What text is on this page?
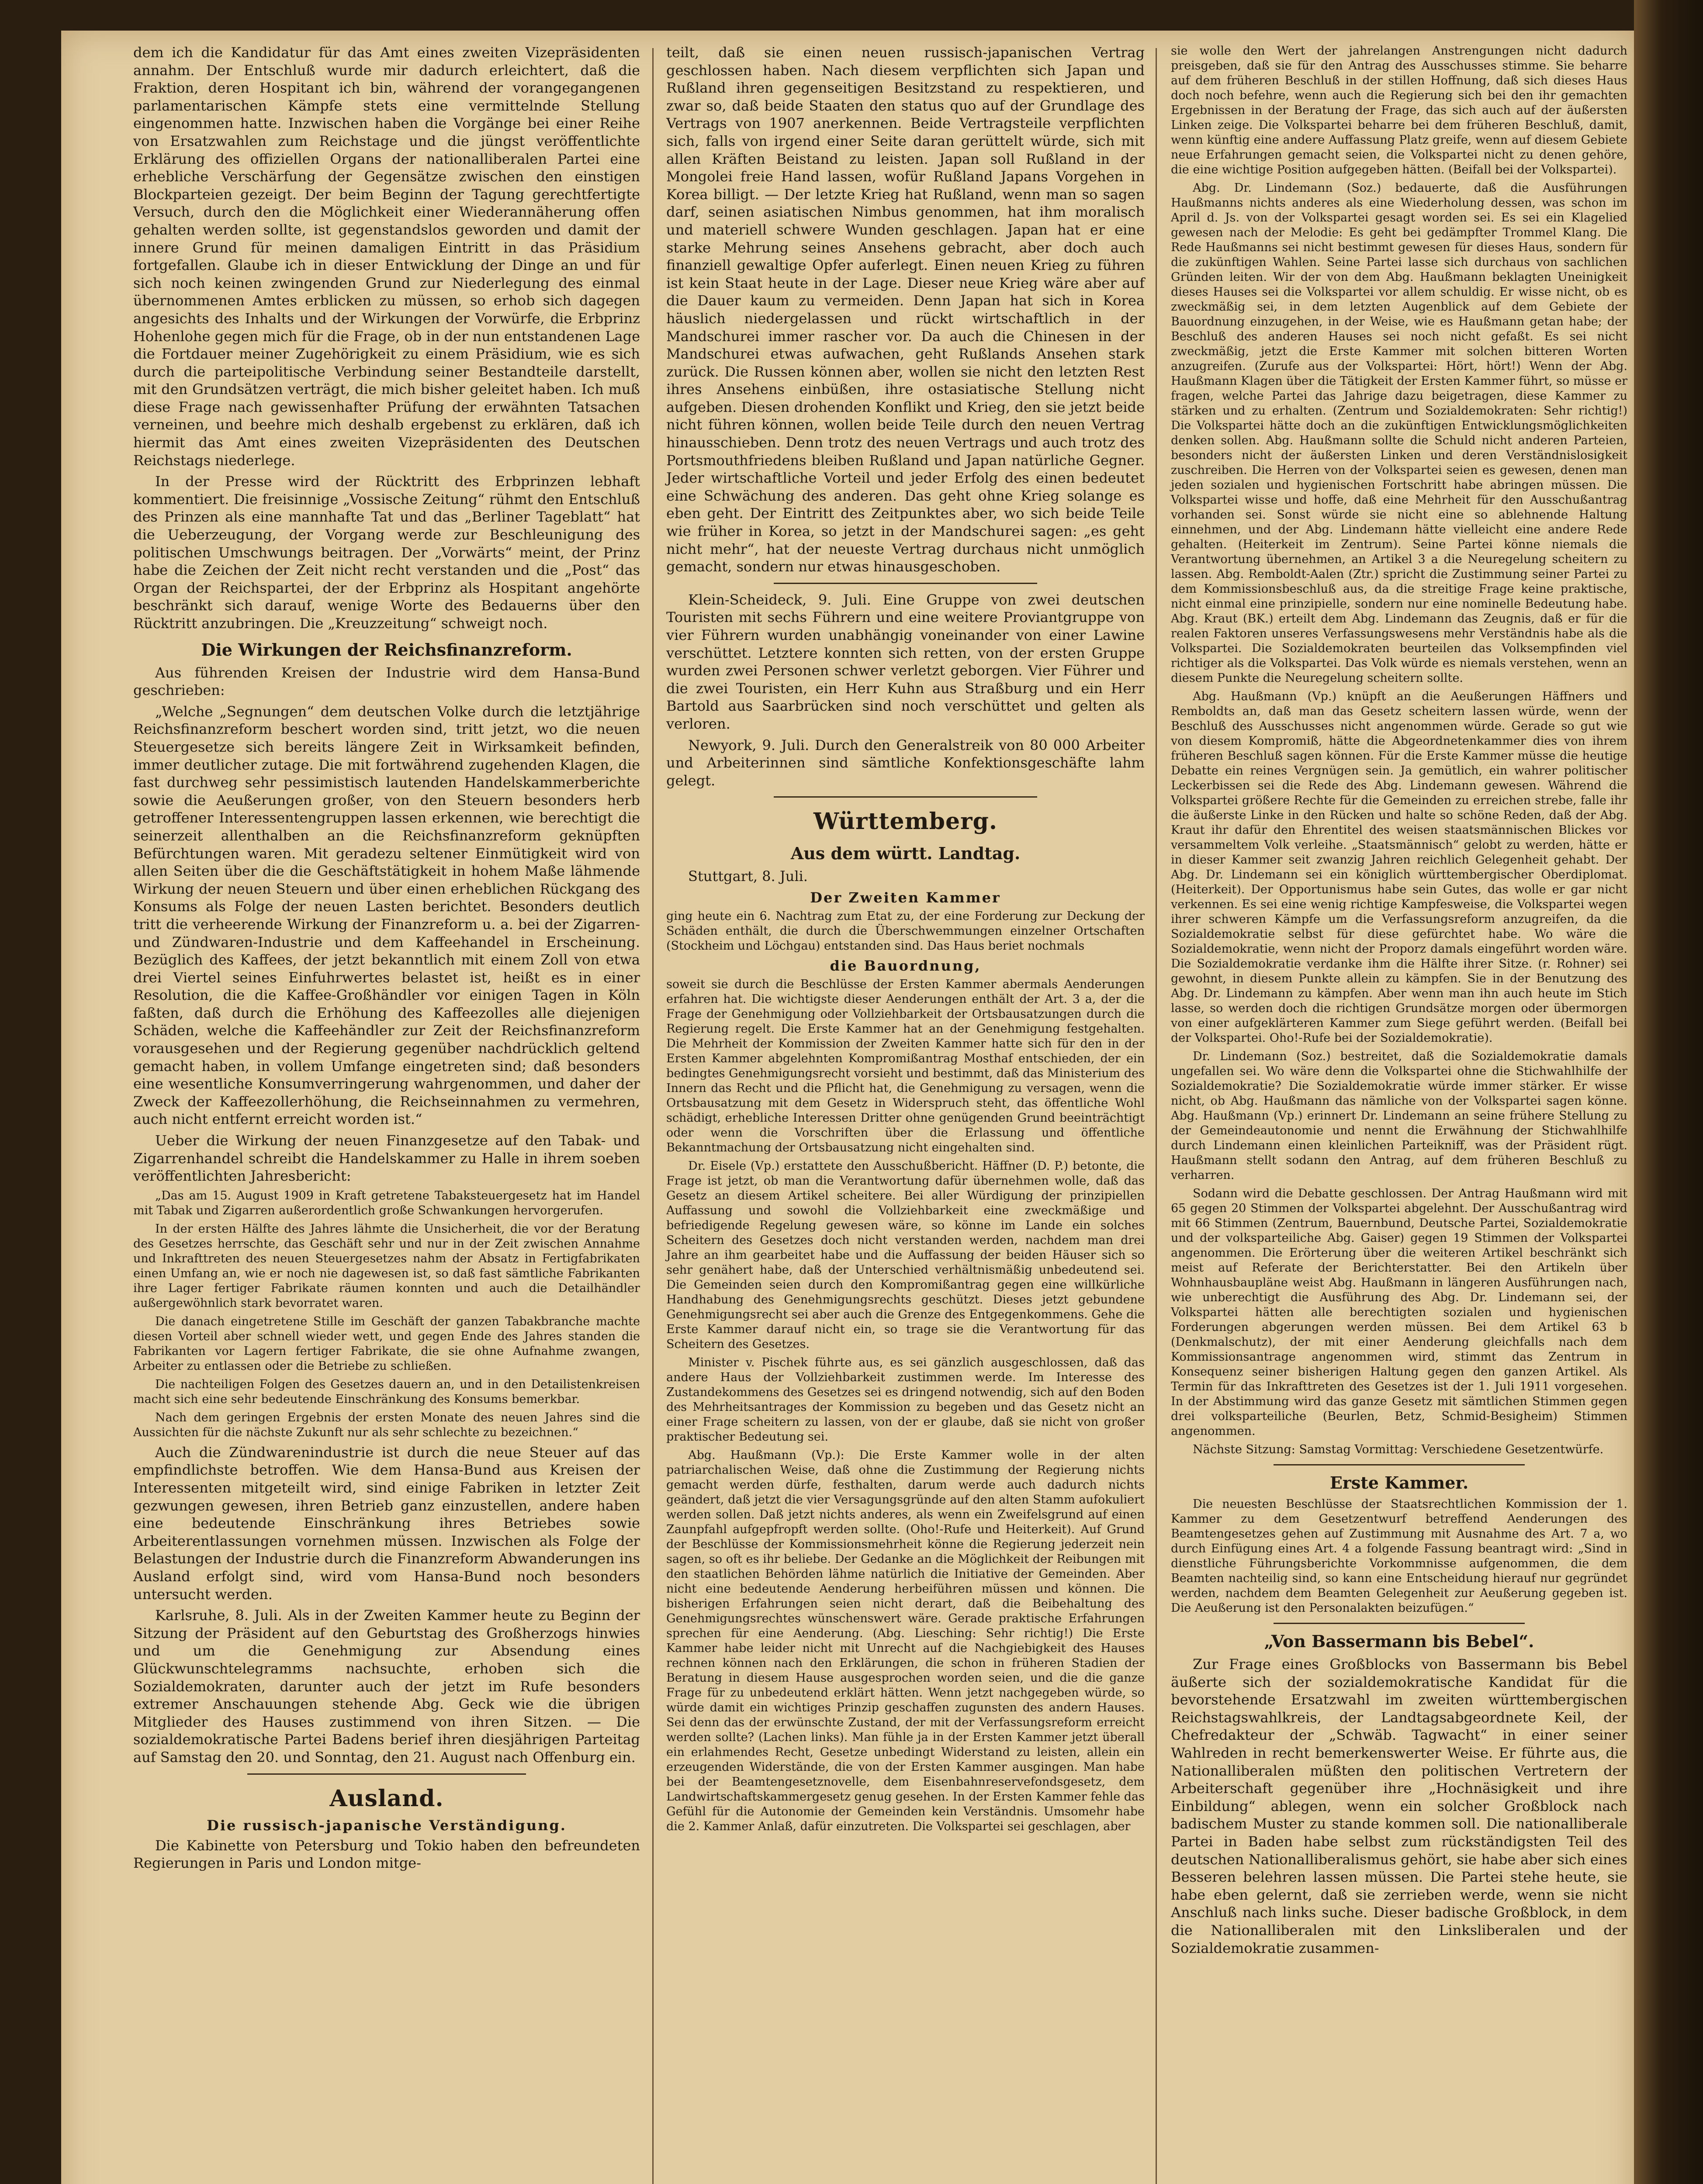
dem ich die Kandidatur für das Amt eines zweiten Vizepräsidenten annahm. Der Entschluß wurde mir dadurch erleichtert, daß die Fraktion, deren Hospitant ich bin, während der vorangegangenen parlamentarischen Kämpfe stets eine vermittelnde Stellung eingenommen hatte. Inzwischen haben die Vorgänge bei einer Reihe von Ersatzwahlen zum Reichstage und die jüngst veröffentlichte Erklärung des offiziellen Organs der nationalliberalen Partei eine erhebliche Verschärfung der Gegensätze zwischen den einstigen Blockparteien gezeigt. Der beim Beginn der Tagung gerechtfertigte Versuch, durch den die Möglichkeit einer Wiederannäherung offen gehalten werden sollte, ist gegenstandslos geworden und damit der innere Grund für meinen damaligen Eintritt in das Präsidium fortgefallen. Glaube ich in dieser Entwicklung der Dinge an und für sich noch keinen zwingenden Grund zur Niederlegung des einmal übernommenen Amtes erblicken zu müssen, so erhob sich dagegen angesichts des Inhalts und der Wirkungen der Vorwürfe, die Erbprinz Hohenlohe gegen mich für die Frage, ob in der nun entstandenen Lage die Fortdauer meiner Zugehörigkeit zu einem Präsidium, wie es sich durch die parteipolitische Verbindung seiner Bestandteile darstellt, mit den Grundsätzen verträgt, die mich bisher geleitet haben. Ich muß diese Frage nach gewissenhafter Prüfung der erwähnten Tatsachen verneinen, und beehre mich deshalb ergebenst zu erklären, daß ich hiermit das Amt eines zweiten Vizepräsidenten des Deutschen Reichstags niederlege.

In der Presse wird der Rücktritt des Erbprinzen lebhaft kommentiert. Die freisinnige „Vossische Zeitung“ rühmt den Entschluß des Prinzen als eine mannhafte Tat und das „Berliner Tageblatt“ hat die Ueberzeugung, der Vorgang werde zur Beschleunigung des politischen Umschwungs beitragen. Der „Vorwärts“ meint, der Prinz habe die Zeichen der Zeit nicht recht verstanden und die „Post“ das Organ der Reichspartei, der der Erbprinz als Hospitant angehörte beschränkt sich darauf, wenige Worte des Bedauerns über den Rücktritt anzubringen. Die „Kreuzzeitung“ schweigt noch.

Die Wirkungen der Reichsfinanzreform.

Aus führenden Kreisen der Industrie wird dem Hansa-Bund geschrieben:

„Welche „Segnungen“ dem deutschen Volke durch die letztjährige Reichsfinanzreform beschert worden sind, tritt jetzt, wo die neuen Steuergesetze sich bereits längere Zeit in Wirksamkeit befinden, immer deutlicher zutage. Die mit fortwährend zugehenden Klagen, die fast durchweg sehr pessimistisch lautenden Handelskammerberichte sowie die Aeußerungen großer, von den Steuern besonders herb getroffener Interessentengruppen lassen erkennen, wie berechtigt die seinerzeit allenthalben an die Reichsfinanzreform geknüpften Befürchtungen waren. Mit geradezu seltener Einmütigkeit wird von allen Seiten über die die Geschäftstätigkeit in hohem Maße lähmende Wirkung der neuen Steuern und über einen erheblichen Rückgang des Konsums als Folge der neuen Lasten berichtet. Besonders deutlich tritt die verheerende Wirkung der Finanzreform u. a. bei der Zigarren- und Zündwaren-Industrie und dem Kaffeehandel in Erscheinung. Bezüglich des Kaffees, der jetzt bekanntlich mit einem Zoll von etwa drei Viertel seines Einfuhrwertes belastet ist, heißt es in einer Resolution, die die Kaffee-Großhändler vor einigen Tagen in Köln faßten, daß durch die Erhöhung des Kaffeezolles alle diejenigen Schäden, welche die Kaffeehändler zur Zeit der Reichsfinanzreform vorausgesehen und der Regierung gegenüber nachdrücklich geltend gemacht haben, in vollem Umfange eingetreten sind; daß besonders eine wesentliche Konsumverringerung wahrgenommen, und daher der Zweck der Kaffeezollerhöhung, die Reichseinnahmen zu vermehren, auch nicht entfernt erreicht worden ist.“

Ueber die Wirkung der neuen Finanzgesetze auf den Tabak- und Zigarrenhandel schreibt die Handelskammer zu Halle in ihrem soeben veröffentlichten Jahresbericht:

„Das am 15. August 1909 in Kraft getretene Tabaksteuergesetz hat im Handel mit Tabak und Zigarren außerordentlich große Schwankungen hervorgerufen.

In der ersten Hälfte des Jahres lähmte die Unsicherheit, die vor der Beratung des Gesetzes herrschte, das Geschäft sehr und nur in der Zeit zwischen Annahme und Inkrafttreten des neuen Steuergesetzes nahm der Absatz in Fertigfabrikaten einen Umfang an, wie er noch nie dagewesen ist, so daß fast sämtliche Fabrikanten ihre Lager fertiger Fabrikate räumen konnten und auch die Detailhändler außergewöhnlich stark bevorratet waren.

Die danach eingetretene Stille im Geschäft der ganzen Tabakbranche machte diesen Vorteil aber schnell wieder wett, und gegen Ende des Jahres standen die Fabrikanten vor Lagern fertiger Fabrikate, die sie ohne Aufnahme zwangen, Arbeiter zu entlassen oder die Betriebe zu schließen.

Die nachteiligen Folgen des Gesetzes dauern an, und in den Detailistenkreisen macht sich eine sehr bedeutende Einschränkung des Konsums bemerkbar.

Nach dem geringen Ergebnis der ersten Monate des neuen Jahres sind die Aussichten für die nächste Zukunft nur als sehr schlechte zu bezeichnen.“

Auch die Zündwarenindustrie ist durch die neue Steuer auf das empfindlichste betroffen. Wie dem Hansa-Bund aus Kreisen der Interessenten mitgeteilt wird, sind einige Fabriken in letzter Zeit gezwungen gewesen, ihren Betrieb ganz einzustellen, andere haben eine bedeutende Einschränkung ihres Betriebes sowie Arbeiterentlassungen vornehmen müssen. Inzwischen als Folge der Belastungen der Industrie durch die Finanzreform Abwanderungen ins Ausland erfolgt sind, wird vom Hansa-Bund noch besonders untersucht werden.

Karlsruhe, 8. Juli. Als in der Zweiten Kammer heute zu Beginn der Sitzung der Präsident auf den Geburtstag des Großherzogs hinwies und um die Genehmigung zur Absendung eines Glückwunschtelegramms nachsuchte, erhoben sich die Sozialdemokraten, darunter auch der jetzt im Rufe besonders extremer Anschauungen stehende Abg. Geck wie die übrigen Mitglieder des Hauses zustimmend von ihren Sitzen. — Die sozialdemokratische Partei Badens berief ihren diesjährigen Parteitag auf Samstag den 20. und Sonntag, den 21. August nach Offenburg ein.

Ausland.
Die russisch-japanische Verständigung.

Die Kabinette von Petersburg und Tokio haben den befreundeten Regierungen in Paris und London mitge-

teilt, daß sie einen neuen russisch-japanischen Vertrag geschlossen haben. Nach diesem verpflichten sich Japan und Rußland ihren gegenseitigen Besitzstand zu respektieren, und zwar so, daß beide Staaten den status quo auf der Grundlage des Vertrags von 1907 anerkennen. Beide Vertragsteile verpflichten sich, falls von irgend einer Seite daran gerüttelt würde, sich mit allen Kräften Beistand zu leisten. Japan soll Rußland in der Mongolei freie Hand lassen, wofür Rußland Japans Vorgehen in Korea billigt. — Der letzte Krieg hat Rußland, wenn man so sagen darf, seinen asiatischen Nimbus genommen, hat ihm moralisch und materiell schwere Wunden geschlagen. Japan hat er eine starke Mehrung seines Ansehens gebracht, aber doch auch finanziell gewaltige Opfer auferlegt. Einen neuen Krieg zu führen ist kein Staat heute in der Lage. Dieser neue Krieg wäre aber auf die Dauer kaum zu vermeiden. Denn Japan hat sich in Korea häuslich niedergelassen und rückt wirtschaftlich in der Mandschurei immer rascher vor. Da auch die Chinesen in der Mandschurei etwas aufwachen, geht Rußlands Ansehen stark zurück. Die Russen können aber, wollen sie nicht den letzten Rest ihres Ansehens einbüßen, ihre ostasiatische Stellung nicht aufgeben. Diesen drohenden Konflikt und Krieg, den sie jetzt beide nicht führen können, wollen beide Teile durch den neuen Vertrag hinausschieben. Denn trotz des neuen Vertrags und auch trotz des Portsmouthfriedens bleiben Rußland und Japan natürliche Gegner. Jeder wirtschaftliche Vorteil und jeder Erfolg des einen bedeutet eine Schwächung des anderen. Das geht ohne Krieg solange es eben geht. Der Eintritt des Zeitpunktes aber, wo sich beide Teile wie früher in Korea, so jetzt in der Mandschurei sagen: „es geht nicht mehr“, hat der neueste Vertrag durchaus nicht unmöglich gemacht, sondern nur etwas hinausgeschoben.

Klein-Scheideck, 9. Juli. Eine Gruppe von zwei deutschen Touristen mit sechs Führern und eine weitere Proviantgruppe von vier Führern wurden unabhängig voneinander von einer Lawine verschüttet. Letztere konnten sich retten, von der ersten Gruppe wurden zwei Personen schwer verletzt geborgen. Vier Führer und die zwei Touristen, ein Herr Kuhn aus Straßburg und ein Herr Bartold aus Saarbrücken sind noch verschüttet und gelten als verloren.

Newyork, 9. Juli. Durch den Generalstreik von 80 000 Arbeiter und Arbeiterinnen sind sämtliche Konfektionsgeschäfte lahm gelegt.

Württemberg.
Aus dem württ. Landtag.

Stuttgart, 8. Juli.

Der Zweiten Kammer

ging heute ein 6. Nachtrag zum Etat zu, der eine Forderung zur Deckung der Schäden enthält, die durch die Überschwemmungen einzelner Ortschaften (Stockheim und Löchgau) entstanden sind. Das Haus beriet nochmals

die Bauordnung,

soweit sie durch die Beschlüsse der Ersten Kammer abermals Aenderungen erfahren hat. Die wichtigste dieser Aenderungen enthält der Art. 3 a, der die Frage der Genehmigung oder Vollziehbarkeit der Ortsbausatzungen durch die Regierung regelt. Die Erste Kammer hat an der Genehmigung festgehalten. Die Mehrheit der Kommission der Zweiten Kammer hatte sich für den in der Ersten Kammer abgelehnten Kompromißantrag Mosthaf entschieden, der ein bedingtes Genehmigungsrecht vorsieht und bestimmt, daß das Ministerium des Innern das Recht und die Pflicht hat, die Genehmigung zu versagen, wenn die Ortsbausatzung mit dem Gesetz in Widerspruch steht, das öffentliche Wohl schädigt, erhebliche Interessen Dritter ohne genügenden Grund beeinträchtigt oder wenn die Vorschriften über die Erlassung und öffentliche Bekanntmachung der Ortsbausatzung nicht eingehalten sind.

Dr. Eisele (Vp.) erstattete den Ausschußbericht. Häffner (D. P.) betonte, die Frage ist jetzt, ob man die Verantwortung dafür übernehmen wolle, daß das Gesetz an diesem Artikel scheitere. Bei aller Würdigung der prinzipiellen Auffassung und sowohl die Vollziehbarkeit eine zweckmäßige und befriedigende Regelung gewesen wäre, so könne im Lande ein solches Scheitern des Gesetzes doch nicht verstanden werden, nachdem man drei Jahre an ihm gearbeitet habe und die Auffassung der beiden Häuser sich so sehr genähert habe, daß der Unterschied verhältnismäßig unbedeutend sei. Die Gemeinden seien durch den Kompromißantrag gegen eine willkürliche Handhabung des Genehmigungsrechts geschützt. Dieses jetzt gebundene Genehmigungsrecht sei aber auch die Grenze des Entgegenkommens. Gehe die Erste Kammer darauf nicht ein, so trage sie die Verantwortung für das Scheitern des Gesetzes.

Minister v. Pischek führte aus, es sei gänzlich ausgeschlossen, daß das andere Haus der Vollziehbarkeit zustimmen werde. Im Interesse des Zustandekommens des Gesetzes sei es dringend notwendig, sich auf den Boden des Mehrheitsantrages der Kommission zu begeben und das Gesetz nicht an einer Frage scheitern zu lassen, von der er glaube, daß sie nicht von großer praktischer Bedeutung sei.

Abg. Haußmann (Vp.): Die Erste Kammer wolle in der alten patriarchalischen Weise, daß ohne die Zustimmung der Regierung nichts gemacht werden dürfe, festhalten, darum werde auch dadurch nichts geändert, daß jetzt die vier Versagungsgründe auf den alten Stamm aufokuliert werden sollen. Daß jetzt nichts anderes, als wenn ein Zweifelsgrund auf einen Zaunpfahl aufgepfropft werden sollte. (Oho!-Rufe und Heiterkeit). Auf Grund der Beschlüsse der Kommissionsmehrheit könne die Regierung jederzeit nein sagen, so oft es ihr beliebe. Der Gedanke an die Möglichkeit der Reibungen mit den staatlichen Behörden lähme natürlich die Initiative der Gemeinden. Aber nicht eine bedeutende Aenderung herbeiführen müssen und können. Die bisherigen Erfahrungen seien nicht derart, daß die Beibehaltung des Genehmigungsrechtes wünschenswert wäre. Gerade praktische Erfahrungen sprechen für eine Aenderung. (Abg. Liesching: Sehr richtig!) Die Erste Kammer habe leider nicht mit Unrecht auf die Nachgiebigkeit des Hauses rechnen können nach den Erklärungen, die schon in früheren Stadien der Beratung in diesem Hause ausgesprochen worden seien, und die die ganze Frage für zu unbedeutend erklärt hätten. Wenn jetzt nachgegeben würde, so würde damit ein wichtiges Prinzip geschaffen zugunsten des andern Hauses. Sei denn das der erwünschte Zustand, der mit der Verfassungsreform erreicht werden sollte? (Lachen links). Man fühle ja in der Ersten Kammer jetzt überall ein erlahmendes Recht, Gesetze unbedingt Widerstand zu leisten, allein ein erzeugenden Widerstände, die von der Ersten Kammer ausgingen. Man habe bei der Beamtengesetznovelle, dem Eisenbahnreservefondsgesetz, dem Landwirtschaftskammergesetz genug gesehen. In der Ersten Kammer fehle das Gefühl für die Autonomie der Gemeinden kein Verständnis. Umsomehr habe die 2. Kammer Anlaß, dafür einzutreten. Die Volkspartei sei geschlagen, aber

sie wolle den Wert der jahrelangen Anstrengungen nicht dadurch preisgeben, daß sie für den Antrag des Ausschusses stimme. Sie beharre auf dem früheren Beschluß in der stillen Hoffnung, daß sich dieses Haus doch noch befehre, wenn auch die Regierung sich bei den ihr gemachten Ergebnissen in der Beratung der Frage, das sich auch auf der äußersten Linken zeige. Die Volkspartei beharre bei dem früheren Beschluß, damit, wenn künftig eine andere Auffassung Platz greife, wenn auf diesem Gebiete neue Erfahrungen gemacht seien, die Volkspartei nicht zu denen gehöre, die eine wichtige Position aufgegeben hätten. (Beifall bei der Volkspartei).

Abg. Dr. Lindemann (Soz.) bedauerte, daß die Ausführungen Haußmanns nichts anderes als eine Wiederholung dessen, was schon im April d. Js. von der Volkspartei gesagt worden sei. Es sei ein Klagelied gewesen nach der Melodie: Es geht bei gedämpfter Trommel Klang. Die Rede Haußmanns sei nicht bestimmt gewesen für dieses Haus, sondern für die zukünftigen Wahlen. Seine Partei lasse sich durchaus von sachlichen Gründen leiten. Wir der von dem Abg. Haußmann beklagten Uneinigkeit dieses Hauses sei die Volkspartei vor allem schuldig. Er wisse nicht, ob es zweckmäßig sei, in dem letzten Augenblick auf dem Gebiete der Bauordnung einzugehen, in der Weise, wie es Haußmann getan habe; der Beschluß des anderen Hauses sei noch nicht gefaßt. Es sei nicht zweckmäßig, jetzt die Erste Kammer mit solchen bitteren Worten anzugreifen. (Zurufe aus der Volkspartei: Hört, hört!) Wenn der Abg. Haußmann Klagen über die Tätigkeit der Ersten Kammer führt, so müsse er fragen, welche Partei das Jahrige dazu beigetragen, diese Kammer zu stärken und zu erhalten. (Zentrum und Sozialdemokraten: Sehr richtig!) Die Volkspartei hätte doch an die zukünftigen Entwicklungsmöglichkeiten denken sollen. Abg. Haußmann sollte die Schuld nicht anderen Parteien, besonders nicht der äußersten Linken und deren Verständnislosigkeit zuschreiben. Die Herren von der Volkspartei seien es gewesen, denen man jeden sozialen und hygienischen Fortschritt habe abringen müssen. Die Volkspartei wisse und hoffe, daß eine Mehrheit für den Ausschußantrag vorhanden sei. Sonst würde sie nicht eine so ablehnende Haltung einnehmen, und der Abg. Lindemann hätte vielleicht eine andere Rede gehalten. (Heiterkeit im Zentrum). Seine Partei könne niemals die Verantwortung übernehmen, an Artikel 3 a die Neuregelung scheitern zu lassen. Abg. Remboldt-Aalen (Ztr.) spricht die Zustimmung seiner Partei zu dem Kommissionsbeschluß aus, da die streitige Frage keine praktische, nicht einmal eine prinzipielle, sondern nur eine nominelle Bedeutung habe. Abg. Kraut (BK.) erteilt dem Abg. Lindemann das Zeugnis, daß er für die realen Faktoren unseres Verfassungswesens mehr Verständnis habe als die Volkspartei. Die Sozialdemokraten beurteilen das Volksempfinden viel richtiger als die Volkspartei. Das Volk würde es niemals verstehen, wenn an diesem Punkte die Neuregelung scheitern sollte.

Abg. Haußmann (Vp.) knüpft an die Aeußerungen Häffners und Remboldts an, daß man das Gesetz scheitern lassen würde, wenn der Beschluß des Ausschusses nicht angenommen würde. Gerade so gut wie von diesem Kompromiß, hätte die Abgeordnetenkammer dies von ihrem früheren Beschluß sagen können. Für die Erste Kammer müsse die heutige Debatte ein reines Vergnügen sein. Ja gemütlich, ein wahrer politischer Leckerbissen sei die Rede des Abg. Lindemann gewesen. Während die Volkspartei größere Rechte für die Gemeinden zu erreichen strebe, falle ihr die äußerste Linke in den Rücken und halte so schöne Reden, daß der Abg. Kraut ihr dafür den Ehrentitel des weisen staatsmännischen Blickes vor versammeltem Volk verleihe. „Staatsmännisch“ gelobt zu werden, hätte er in dieser Kammer seit zwanzig Jahren reichlich Gelegenheit gehabt. Der Abg. Dr. Lindemann sei ein königlich württembergischer Oberdiplomat. (Heiterkeit). Der Opportunismus habe sein Gutes, das wolle er gar nicht verkennen. Es sei eine wenig richtige Kampfesweise, die Volkspartei wegen ihrer schweren Kämpfe um die Verfassungsreform anzugreifen, da die Sozialdemokratie selbst für diese gefürchtet habe. Wo wäre die Sozialdemokratie, wenn nicht der Proporz damals eingeführt worden wäre. Die Sozialdemokratie verdanke ihm die Hälfte ihrer Sitze. (r. Rohner) sei gewohnt, in diesem Punkte allein zu kämpfen. Sie in der Benutzung des Abg. Dr. Lindemann zu kämpfen. Aber wenn man ihn auch heute im Stich lasse, so werden doch die richtigen Grundsätze morgen oder übermorgen von einer aufgeklärteren Kammer zum Siege geführt werden. (Beifall bei der Volkspartei. Oho!-Rufe bei der Sozialdemokratie).

Dr. Lindemann (Soz.) bestreitet, daß die Sozialdemokratie damals ungefallen sei. Wo wäre denn die Volkspartei ohne die Stichwahlhilfe der Sozialdemokratie? Die Sozialdemokratie würde immer stärker. Er wisse nicht, ob Abg. Haußmann das nämliche von der Volkspartei sagen könne. Abg. Haußmann (Vp.) erinnert Dr. Lindemann an seine frühere Stellung zu der Gemeindeautonomie und nennt die Erwähnung der Stichwahlhilfe durch Lindemann einen kleinlichen Parteikniff, was der Präsident rügt. Haußmann stellt sodann den Antrag, auf dem früheren Beschluß zu verharren.

Sodann wird die Debatte geschlossen. Der Antrag Haußmann wird mit 65 gegen 20 Stimmen der Volkspartei abgelehnt. Der Ausschußantrag wird mit 66 Stimmen (Zentrum, Bauernbund, Deutsche Partei, Sozialdemokratie und der volksparteiliche Abg. Gaiser) gegen 19 Stimmen der Volkspartei angenommen. Die Erörterung über die weiteren Artikel beschränkt sich meist auf Referate der Berichterstatter. Bei den Artikeln über Wohnhausbaupläne weist Abg. Haußmann in längeren Ausführungen nach, wie unberechtigt die Ausführung des Abg. Dr. Lindemann sei, der Volkspartei hätten alle berechtigten sozialen und hygienischen Forderungen abgerungen werden müssen. Bei dem Artikel 63 b (Denkmalschutz), der mit einer Aenderung gleichfalls nach dem Kommissionsantrage angenommen wird, stimmt das Zentrum in Konsequenz seiner bisherigen Haltung gegen den ganzen Artikel. Als Termin für das Inkrafttreten des Gesetzes ist der 1. Juli 1911 vorgesehen. In der Abstimmung wird das ganze Gesetz mit sämtlichen Stimmen gegen drei volksparteiliche (Beurlen, Betz, Schmid-Besigheim) Stimmen angenommen.

Nächste Sitzung: Samstag Vormittag: Verschiedene Gesetzentwürfe.

Erste Kammer.

Die neuesten Beschlüsse der Staatsrechtlichen Kommission der 1. Kammer zu dem Gesetzentwurf betreffend Aenderungen des Beamtengesetzes gehen auf Zustimmung mit Ausnahme des Art. 7 a, wo durch Einfügung eines Art. 4 a folgende Fassung beantragt wird: „Sind in dienstliche Führungsberichte Vorkommnisse aufgenommen, die dem Beamten nachteilig sind, so kann eine Entscheidung hierauf nur gegründet werden, nachdem dem Beamten Gelegenheit zur Aeußerung gegeben ist. Die Aeußerung ist den Personalakten beizufügen.“

„Von Bassermann bis Bebel“.

Zur Frage eines Großblocks von Bassermann bis Bebel äußerte sich der sozialdemokratische Kandidat für die bevorstehende Ersatzwahl im zweiten württembergischen Reichstagswahlkreis, der Landtagsabgeordnete Keil, der Chefredakteur der „Schwäb. Tagwacht“ in einer seiner Wahlreden in recht bemerkenswerter Weise. Er führte aus, die Nationalliberalen müßten den politischen Vertretern der Arbeiterschaft gegenüber ihre „Hochnäsigkeit und ihre Einbildung“ ablegen, wenn ein solcher Großblock nach badischem Muster zu stande kommen soll. Die nationalliberale Partei in Baden habe selbst zum rückständigsten Teil des deutschen Nationalliberalismus gehört, sie habe aber sich eines Besseren belehren lassen müssen. Die Partei stehe heute, sie habe eben gelernt, daß sie zerrieben werde, wenn sie nicht Anschluß nach links suche. Dieser badische Großblock, in dem die Nationalliberalen mit den Linksliberalen und der Sozialdemokratie zusammen-
